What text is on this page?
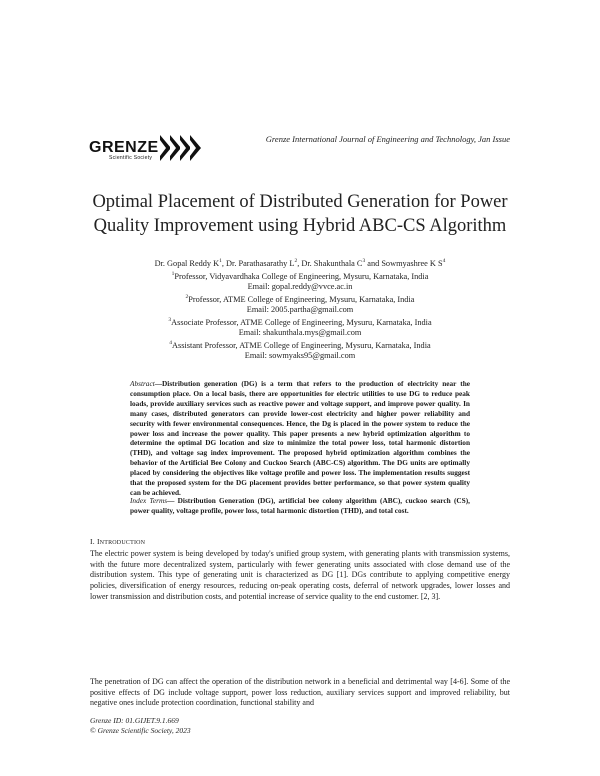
GRENZE
Scientific Society
Grenze International Journal of Engineering and Technology, Jan Issue
Optimal Placement of Distributed Generation for Power
Quality Improvement using Hybrid ABC-CS Algorithm
Dr. Gopal Reddy $K^1$, Dr. Parathasarathy $L^2$, Dr. Shakunthala $C^3$ and Sowmyashree K $S^4$
$^1$Professor, Vidyavardhaka College of Engineering, Mysuru, Karnataka, India
Email: gopal.reddy@vvce.ac.in
$^2$Professor, ATME College of Engineering, Mysuru, Karnataka, India
Email: 2005.partha@gmail.com
$^3$Associate Professor, ATME College of Engineering, Mysuru, Karnataka, India
Email: shakunthala.mys@gmail.com
$^4$Assistant Professor, ATME College of Engineering, Mysuru, Karnataka, India
Email: sowmyaks95@gmail.com
Abstract—Distribution generation (DG) is a term that refers to the production of electricity near the consumption place. On a local basis, there are opportunities for electric utilities to use DG to reduce peak loads, provide auxiliary services such as reactive power and voltage support, and improve power quality. In many cases, distributed generators can provide lower-cost electricity and higher power reliability and security with fewer environmental consequences. Hence, the Dg is placed in the power system to reduce the power loss and increase the power quality. This paper presents a new hybrid optimization algorithm to determine the optimal DG location and size to minimize the total power loss, total harmonic distortion (THD), and voltage sag index improvement. The proposed hybrid optimization algorithm combines the behavior of the Artificial Bee Colony and Cuckoo Search (ABC-CS) algorithm. The DG units are optimally placed by considering the objectives like voltage profile and power loss. The implementation results suggest that the proposed system for the DG placement provides better performance, so that power system quality can be achieved.
Index Terms— Distribution Generation (DG), artificial bee colony algorithm (ABC), cuckoo search (CS), power quality, voltage profile, power loss, total harmonic distortion (THD), and total cost.
I. INTRODUCTION
The electric power system is being developed by today's unified group system, with generating plants with transmission systems, with the future more decentralized system, particularly with fewer generating units associated with close demand use of the distribution system. This type of generating unit is characterized as DG [1]. DGs contribute to applying competitive energy policies, diversification of energy resources, reducing on-peak operating costs, deferral of network upgrades, lower losses and lower transmission and distribution costs, and potential increase of service quality to the end customer. [2, 3].
The penetration of DG can affect the operation of the distribution network in a beneficial and detrimental way [4-6]. Some of the positive effects of DG include voltage support, power loss reduction, auxiliary services support and improved reliability, but negative ones include protection coordination, functional stability and
Grenze ID: 01.GIJET.9.1.669
© Grenze Scientific Society, 2023
